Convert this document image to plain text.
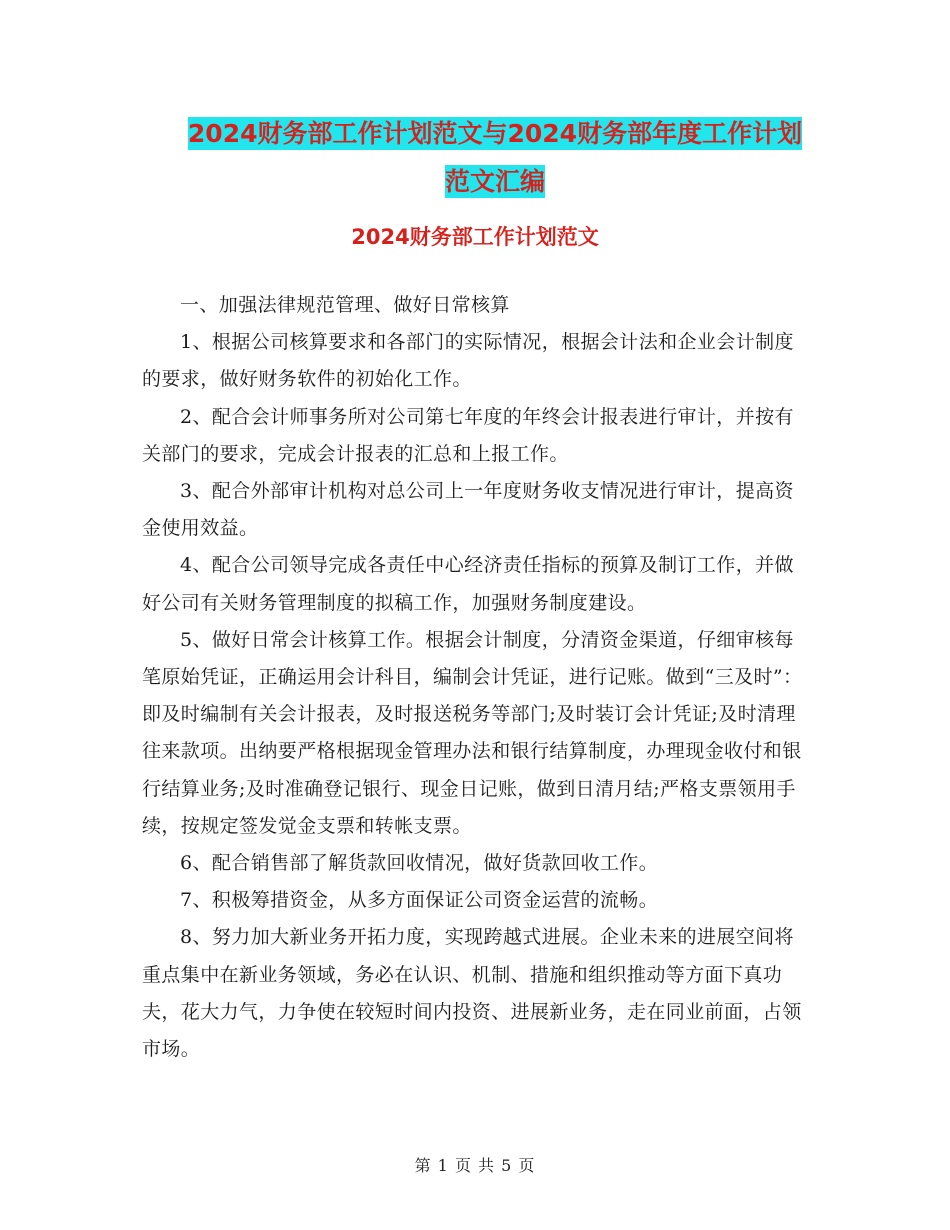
2024财务部工作计划范文与2024财务部年度工作计划
范文汇编
2024财务部工作计划范文

一、加强法律规范管理、做好日常核算

1、根据公司核算要求和各部门的实际情况，根据会计法和企业会计制度的要求，做好财务软件的初始化工作。

2、配合会计师事务所对公司第七年度的年终会计报表进行审计，并按有关部门的要求，完成会计报表的汇总和上报工作。

3、配合外部审计机构对总公司上一年度财务收支情况进行审计，提高资金使用效益。

4、配合公司领导完成各责任中心经济责任指标的预算及制订工作，并做好公司有关财务管理制度的拟稿工作，加强财务制度建设。

5、做好日常会计核算工作。根据会计制度，分清资金渠道，仔细审核每笔原始凭证，正确运用会计科目，编制会计凭证，进行记账。做到“三及时”：即及时编制有关会计报表，及时报送税务等部门;及时装订会计凭证;及时清理往来款项。出纳要严格根据现金管理办法和银行结算制度，办理现金收付和银行结算业务;及时准确登记银行、现金日记账，做到日清月结;严格支票领用手续，按规定签发觉金支票和转帐支票。

6、配合销售部了解货款回收情况，做好货款回收工作。

7、积极筹措资金，从多方面保证公司资金运营的流畅。

8、努力加大新业务开拓力度，实现跨越式进展。企业未来的进展空间将重点集中在新业务领域，务必在认识、机制、措施和组织推动等方面下真功夫，花大力气，力争使在较短时间内投资、进展新业务，走在同业前面，占领市场。

第 1 页 共 5 页
